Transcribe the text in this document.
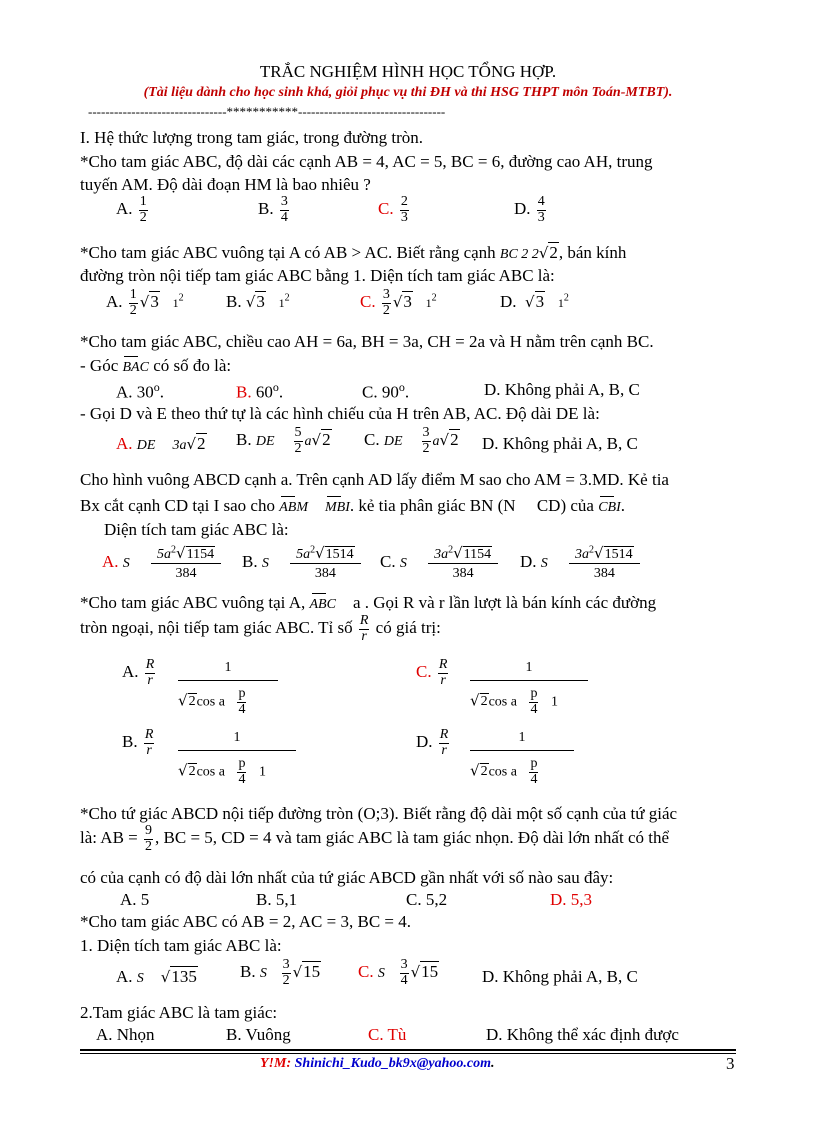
TRẮC NGHIỆM HÌNH HỌC TỔNG HỢP.
(Tài liệu dành cho học sinh khá, giỏi phục vụ thi ĐH và thi HSG THPT môn Toán-MTBT).
--------------------------------***********----------------------------------
I. Hệ thức lượng trong tam giác, trong đường tròn.
*Cho tam giác ABC, độ dài các cạnh AB = 4, AC = 5, BC = 6, đường cao AH, trung
tuyến AM. Độ dài đoạn HM là bao nhiêu ?
A. $\frac{1}{2}$	B. $\frac{3}{4}$	C. $\frac{2}{3}$	D. $\frac{4}{3}$
*Cho tam giác ABC vuông tại A có AB > AC. Biết rằng cạnh BC 2 2√2, bán kính
đường tròn nội tiếp tam giác ABC bằng 1. Diện tích tam giác ABC là:
A. $\frac{1}{2} √3$ $1^2$ B. √3 $1^2$	C. $\frac{3}{2} √3$ $1^2$	D. √3 $1^2$
*Cho tam giác ABC, chiều cao AH = 6a, BH = 3a, CH = 2a và H nằm trên cạnh BC.
- Góc BAC có số đo là:
A. 30$^o$.	B. 60$^o$.	C. 90$^o$.	D. Không phải A, B, C
- Gọi D và E theo thứ tự là các hình chiếu của H trên AB, AC. Độ dài DE là:
A. DE 3a√2 B. DE $\frac{5}{2} a√2$ C. DE $\frac{3}{2} a√2$ D. Không phải A, B, C
Cho hình vuông ABCD cạnh a. Trên cạnh AD lấy điểm M sao cho AM = 3.MD. Kẻ tia
Bx cắt cạnh CD tại I sao cho ABM MBI. kẻ tia phân giác BN (N CD) của CBI.
Diện tích tam giác ABC là:
A. S $\frac{5a^2√1154}{384} B$. S $\frac{5a^2√1514}{384} C$. S $\frac{3a^2√1154}{384} D$. S $\frac{3a^2√1514}{384}$
*Cho tam giác ABC vuông tại A, ABC a . Gọi R và r lần lượt là bán kính các đường
tròn ngoại, nội tiếp tam giác ABC. Tỉ số $\frac{R}{r}$ có giá trị:
A. $\frac{R}{r}$	1
√2cos a $\frac{p}{4}$
C. $\frac{R}{r}$	1
√2cos a $\frac{p}{4} 1$
B. $\frac{R}{r}$	1
√2cos a $\frac{p}{4} 1$
D. $\frac{R}{r}$	1
√2cos a $\frac{p}{4}$
*Cho tứ giác ABCD nội tiếp đường tròn (O;3). Biết rằng độ dài một số cạnh của tứ giác
là: AB = $\frac{9}{2}$ , BC = 5, CD = 4 và tam giác ABC là tam giác nhọn. Độ dài lớn nhất có thể
có của cạnh có độ dài lớn nhất của tứ giác ABCD gần nhất với số nào sau đây:
A. 5	B. 5,1	C. 5,2	D. 5,3
*Cho tam giác ABC có AB = 2, AC = 3, BC = 4.
1. Diện tích tam giác ABC là:
A. S √135	B. S $\frac{3}{2} √15$ C. S $\frac{3}{4} √15$	D. Không phải A, B, C
2.Tam giác ABC là tam giác:
A. Nhọn	B. Vuông	C. Tù	D. Không thể xác định được
Y!M: Shinichi_Kudo_bk9x@yahoo.com.	3
